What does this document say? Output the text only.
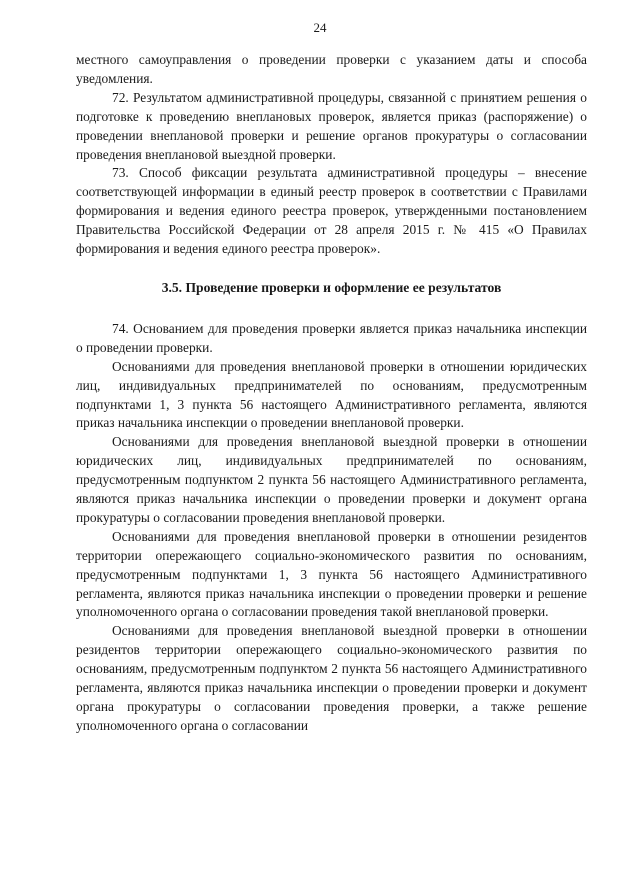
24

местного самоуправления о проведении проверки с указанием даты и способа уведомления.

72. Результатом административной процедуры, связанной с принятием решения о подготовке к проведению внеплановых проверок, является приказ (распоряжение) о проведении внеплановой проверки и решение органов прокуратуры о согласовании проведения внеплановой выездной проверки.

73. Способ фиксации результата административной процедуры – внесение соответствующей информации в единый реестр проверок в соответствии с Правилами формирования и ведения единого реестра проверок, утвержденными постановлением Правительства Российской Федерации от 28 апреля 2015 г. № 415 «О Правилах формирования и ведения единого реестра проверок».

3.5. Проведение проверки и оформление ее результатов

74. Основанием для проведения проверки является приказ начальника инспекции о проведении проверки.

Основаниями для проведения внеплановой проверки в отношении юридических лиц, индивидуальных предпринимателей по основаниям, предусмотренным подпунктами 1, 3 пункта 56 настоящего Административного регламента, являются приказ начальника инспекции о проведении внеплановой проверки.

Основаниями для проведения внеплановой выездной проверки в отношении юридических лиц, индивидуальных предпринимателей по основаниям, предусмотренным подпунктом 2 пункта 56 настоящего Административного регламента, являются приказ начальника инспекции о проведении проверки и документ органа прокуратуры о согласовании проведения внеплановой проверки.

Основаниями для проведения внеплановой проверки в отношении резидентов территории опережающего социально-экономического развития по основаниям, предусмотренным подпунктами 1, 3 пункта 56 настоящего Административного регламента, являются приказ начальника инспекции о проведении проверки и решение уполномоченного органа о согласовании проведения такой внеплановой проверки.

Основаниями для проведения внеплановой выездной проверки в отношении резидентов территории опережающего социально-экономического развития по основаниям, предусмотренным подпунктом 2 пункта 56 настоящего Административного регламента, являются приказ начальника инспекции о проведении проверки и документ органа прокуратуры о согласовании проведения проверки, а также решение уполномоченного органа о согласовании
